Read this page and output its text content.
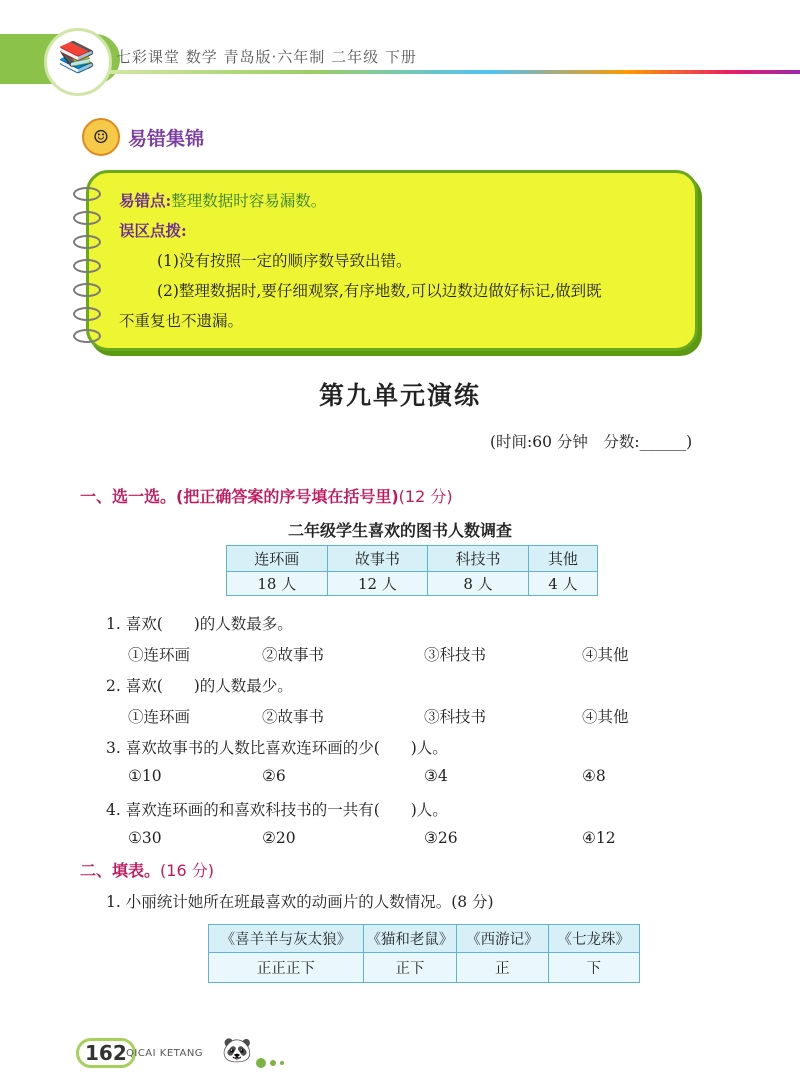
📚 七彩课堂 数学 青岛版·六年制 二年级 下册
☺ 易错集锦
易错点:整理数据时容易漏数。
误区点拨:
(1)没有按照一定的顺序数导致出错。
(2)整理数据时,要仔细观察,有序地数,可以边数边做好标记,做到既
不重复也不遗漏。
第九单元演练
(时间:60 分钟　分数:______)
一、选一选。(把正确答案的序号填在括号里)(12 分)
二年级学生喜欢的图书人数调查
连环画	故事书	科技书	其他
18 人	12 人	8 人	4 人
1. 喜欢(　　)的人数最多。
①连环画	②故事书	③科技书	④其他
2. 喜欢(　　)的人数最少。
①连环画	②故事书	③科技书	④其他
3. 喜欢故事书的人数比喜欢连环画的少(　　)人。
①10	②6	③4	④8
4. 喜欢连环画的和喜欢科技书的一共有(　　)人。
①30	②20	③26	④12
二、填表。(16 分)
1. 小丽统计她所在班最喜欢的动画片的人数情况。(8 分)
《喜羊羊与灰太狼》	《猫和老鼠》	《西游记》	《七龙珠》
正正正下	正下	正	下
162 QICAI KETANG 🐼
